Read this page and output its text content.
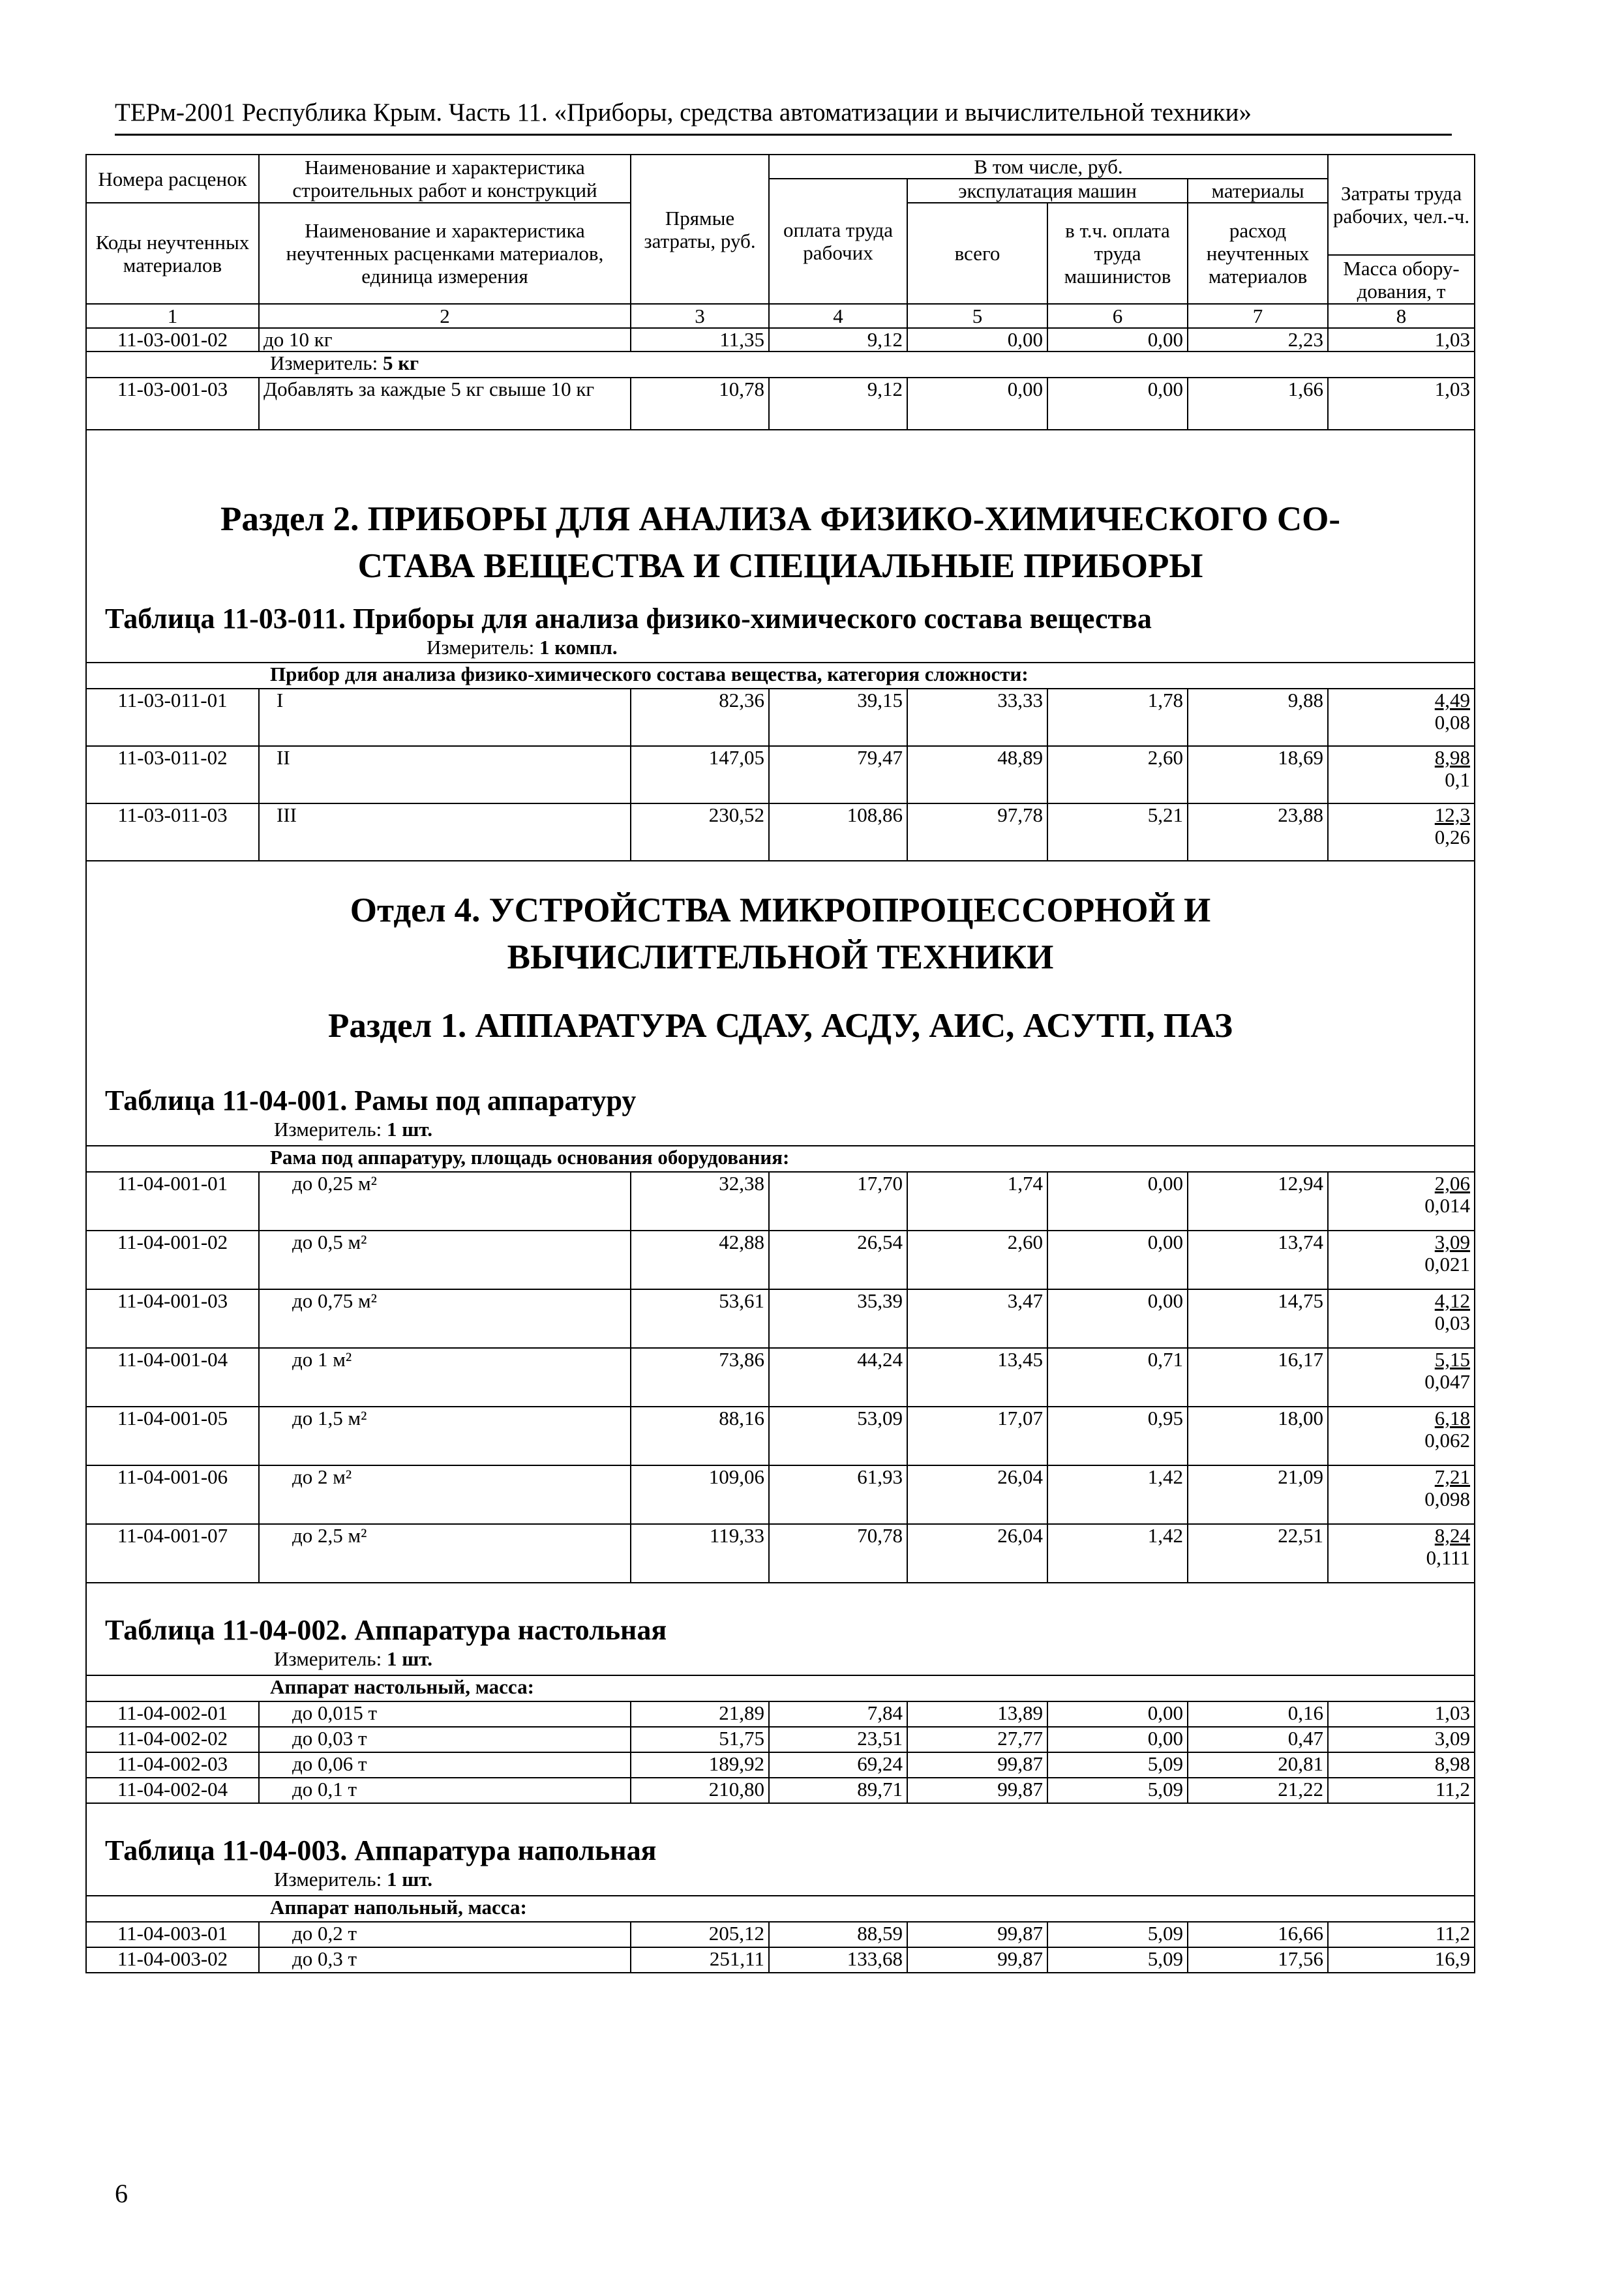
ТЕРм-2001 Республика Крым. Часть 11. «Приборы, средства автоматизации и вычислительной техники»
Номера расценок	Наименование и характеристика строительных работ и конструкций	Прямые затраты, руб.	В том числе, руб.				Затраты труда рабочих, чел.-ч.
			оплата труда рабочих	экспулатация машин		материалы	
Коды неучтенных материалов	Наименование и характеристика неучтенных расценками материалов, единица измерения			всего	в т.ч. оплата труда машинистов	расход неучтенных материалов	
							Масса обору-дования, т
1	2	3	4	5	6	7	8
11-03-001-02	до 10 кг	11,35	9,12	0,00	0,00	2,23	1,03
Измеритель: 5 кг							
11-03-001-03	Добавлять за каждые 5 кг свыше 10 кг	10,78	9,12	0,00	0,00	1,66	1,03

Раздел 2. ПРИБОРЫ ДЛЯ АНАЛИЗА ФИЗИКО-ХИМИЧЕСКОГО СО-
СТАВА ВЕЩЕСТВА И СПЕЦИАЛЬНЫЕ ПРИБОРЫ							

Таблица 11-03-011. Приборы для анализа физико-химического состава вещества							

Измеритель: 1 компл.							
Прибор для анализа физико-химического состава вещества, категория сложности:							
11-03-011-01	I	82,36	39,15	33,33	1,78	9,88	4,49
0,08

11-03-011-02	II	147,05	79,47	48,89	2,60	18,69	8,98
0,1

11-03-011-03	III	230,52	108,86	97,78	5,21	23,88	12,3
0,26

Отдел 4. УСТРОЙСТВА МИКРОПРОЦЕССОРНОЙ И
ВЫЧИСЛИТЕЛЬНОЙ ТЕХНИКИ							

Раздел 1. АППАРАТУРА СДАУ, АСДУ, АИС, АСУТП, ПАЗ							

Таблица 11-04-001. Рамы под аппаратуру							

Измеритель: 1 шт.							
Рама под аппаратуру, площадь основания оборудования:							
11-04-001-01	до 0,25 м²	32,38	17,70	1,74	0,00	12,94	2,06
0,014

11-04-001-02	до 0,5 м²	42,88	26,54	2,60	0,00	13,74	3,09
0,021

11-04-001-03	до 0,75 м²	53,61	35,39	3,47	0,00	14,75	4,12
0,03

11-04-001-04	до 1 м²	73,86	44,24	13,45	0,71	16,17	5,15
0,047

11-04-001-05	до 1,5 м²	88,16	53,09	17,07	0,95	18,00	6,18
0,062

11-04-001-06	до 2 м²	109,06	61,93	26,04	1,42	21,09	7,21
0,098

11-04-001-07	до 2,5 м²	119,33	70,78	26,04	1,42	22,51	8,24
0,111

Таблица 11-04-002. Аппаратура настольная							

Измеритель: 1 шт.							
Аппарат настольный, масса:							
11-04-002-01	до 0,015 т	21,89	7,84	13,89	0,00	0,16	1,03
11-04-002-02	до 0,03 т	51,75	23,51	27,77	0,00	0,47	3,09
11-04-002-03	до 0,06 т	189,92	69,24	99,87	5,09	20,81	8,98
11-04-002-04	до 0,1 т	210,80	89,71	99,87	5,09	21,22	11,2

Таблица 11-04-003. Аппаратура напольная							

Измеритель: 1 шт.							
Аппарат напольный, масса:							
11-04-003-01	до 0,2 т	205,12	88,59	99,87	5,09	16,66	11,2
11-04-003-02	до 0,3 т	251,11	133,68	99,87	5,09	17,56	16,9
6
